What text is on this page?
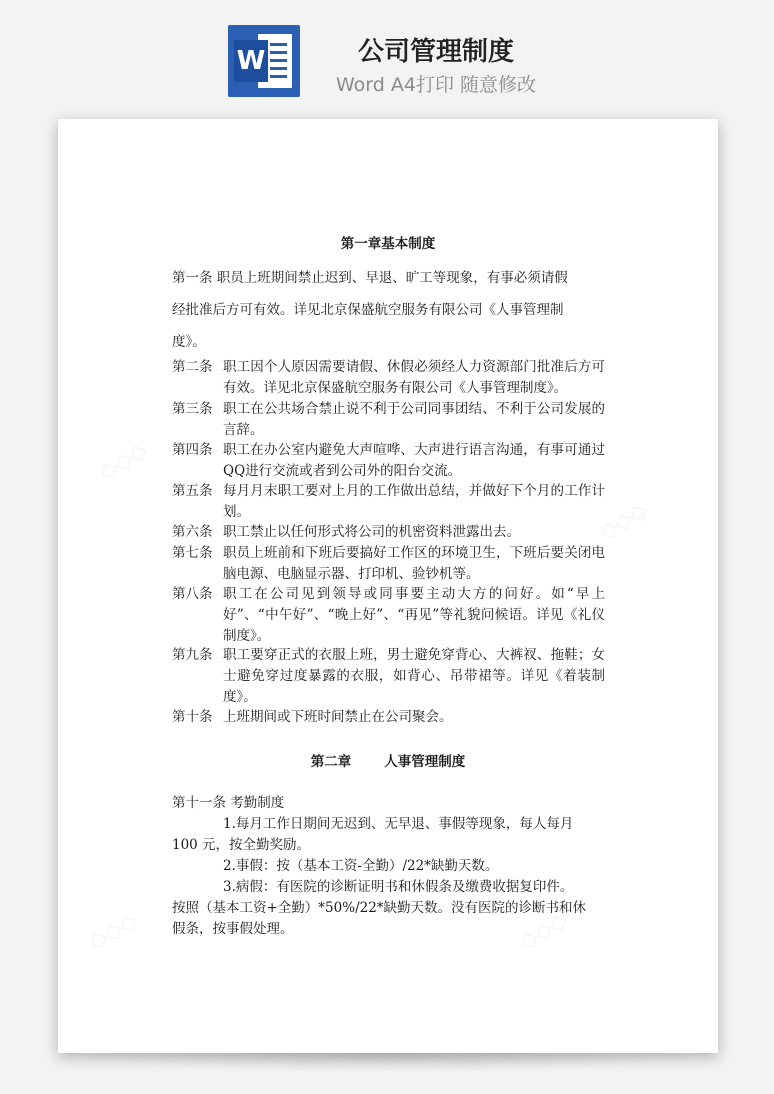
W	公司管理制度
Word A4打印 随意修改
◇◇◇
◇◇◇
◇◇◇	◇◇◇
第一章基本制度
第一条 职员上班期间禁止迟到、早退、旷工等现象，有事必须请假
经批准后方可有效。详见北京保盛航空服务有限公司《人事管理制
度》。
第二条 职工因个人原因需要请假、休假必须经人力资源部门批准后方可有效。详见北京保盛航空服务有限公司《人事管理制度》。
第三条 职工在公共场合禁止说不利于公司同事团结、不利于公司发展的言辞。
第四条 职工在办公室内避免大声喧哗、大声进行语言沟通，有事可通过QQ进行交流或者到公司外的阳台交流。
第五条 每月月末职工要对上月的工作做出总结，并做好下个月的工作计划。
第六条 职工禁止以任何形式将公司的机密资料泄露出去。
第七条 职员上班前和下班后要搞好工作区的环境卫生，下班后要关闭电脑电源、电脑显示器、打印机、验钞机等。
第八条 职工在公司见到领导或同事要主动大方的问好。如“早上好”、“中午好”、“晚上好”、“再见”等礼貌问候语。详见《礼仪制度》。
第九条 职工要穿正式的衣服上班，男士避免穿背心、大裤衩、拖鞋；女士避免穿过度暴露的衣服，如背心、吊带裙等。详见《着装制度》。
第十条 上班期间或下班时间禁止在公司聚会。
第二章       人事管理制度
第十一条 考勤制度
1.每月工作日期间无迟到、无早退、事假等现象，每人每月
100 元，按全勤奖励。
2.事假：按（基本工资-全勤）/22*缺勤天数。
3.病假：有医院的诊断证明书和休假条及缴费收据复印件。
按照（基本工资+全勤）*50%/22*缺勤天数。没有医院的诊断书和休
假条，按事假处理。
